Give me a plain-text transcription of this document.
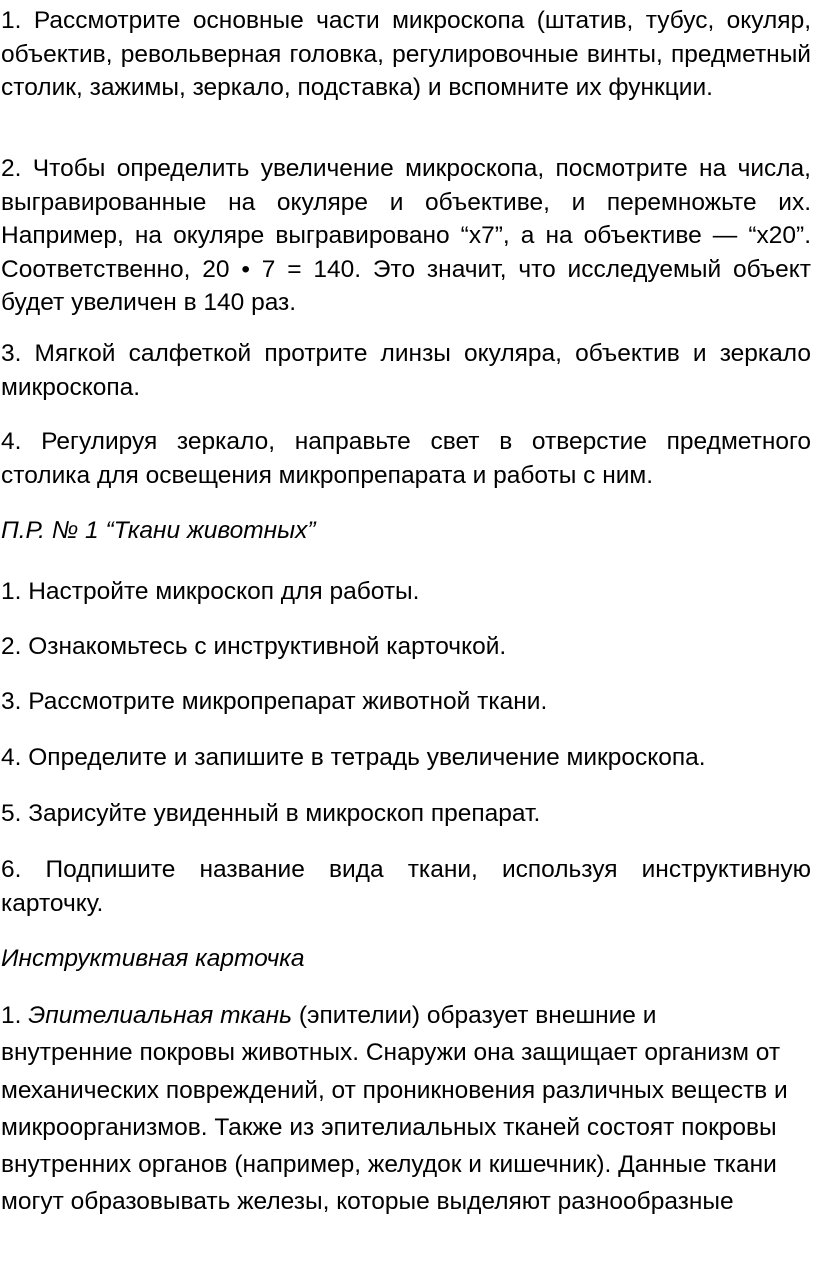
1. Рассмотрите основные части микроскопа (штатив, тубус, окуляр, объектив, револьверная головка, регулировочные винты, предметный столик, зажимы, зеркало, подставка) и вспомните их функции.

2. Чтобы определить увеличение микроскопа, посмотрите на числа, выгравированные на окуляре и объективе, и перемножьте их. Например, на окуляре выгравировано “х7”, а на объективе — “х20”. Соответственно, 20 • 7 = 140. Это значит, что исследуемый объект будет увеличен в 140 раз.

3. Мягкой салфеткой протрите линзы окуляра, объектив и зеркало микроскопа.

4. Регулируя зеркало, направьте свет в отверстие предметного столика для освещения микропрепарата и работы с ним.

П.Р. № 1 “Ткани животных”

1. Настройте микроскоп для работы.

2. Ознакомьтесь с инструктивной карточкой.

3. Рассмотрите микропрепарат животной ткани.

4. Определите и запишите в тетрадь увеличение микроскопа.

5. Зарисуйте увиденный в микроскоп препарат.

6. Подпишите название вида ткани, используя инструктивную карточку.

Инструктивная карточка

1. Эпителиальная ткань (эпителии) образует внешние и внутренние покровы животных. Снаружи она защищает организм от механических повреждений, от проникновения различных веществ и микроорганизмов. Также из эпителиальных тканей состоят покровы внутренних органов (например, желудок и кишечник). Данные ткани могут образовывать железы, которые выделяют разнообразные
